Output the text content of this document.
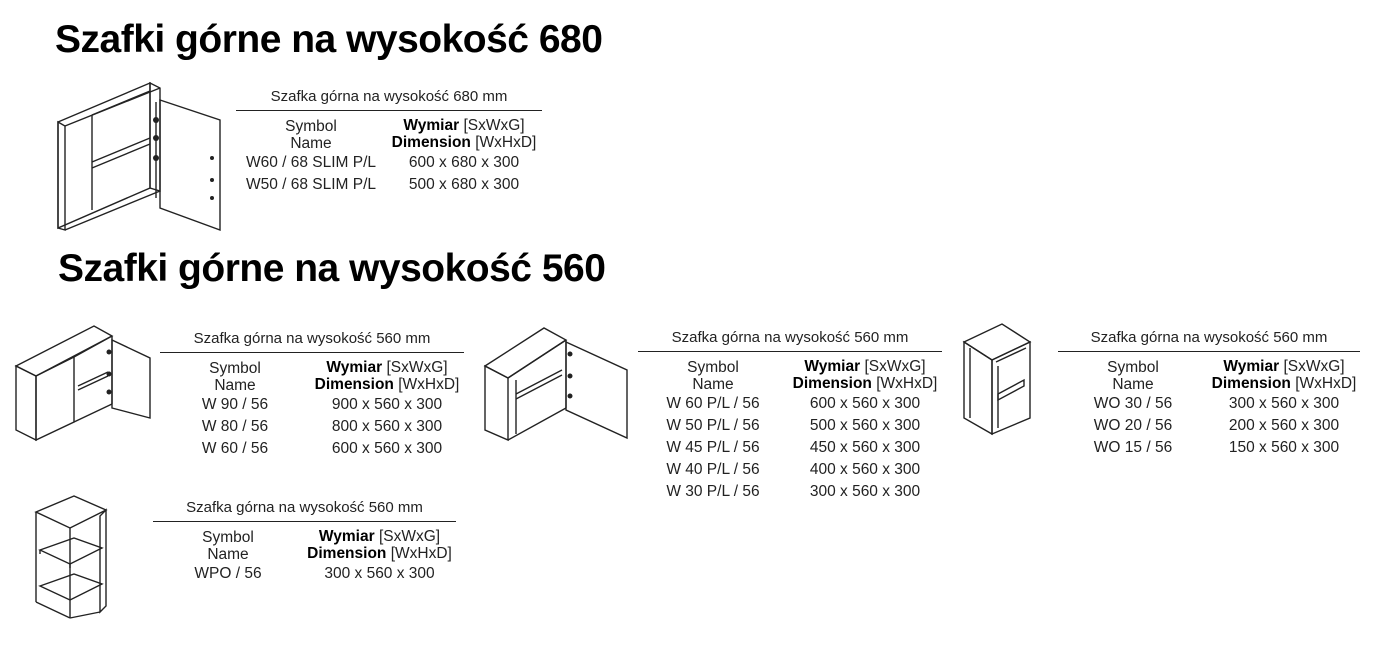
Szafki górne na wysokość 680
Szafki górne na wysokość 560
Szafka górna na wysokość 680 mm
Symbol
Name	Wymiar [SxWxG]
Dimension [WxHxD]
W60 / 68 SLIM P/L	600 x 680 x 300
W50 / 68 SLIM P/L	500 x 680 x 300
Szafka górna na wysokość 560 mm
Symbol
Name	Wymiar [SxWxG]
Dimension [WxHxD]
W 90 / 56	900 x 560 x 300
W 80 / 56	800 x 560 x 300
W 60 / 56	600 x 560 x 300
Szafka górna na wysokość 560 mm
Symbol
Name	Wymiar [SxWxG]
Dimension [WxHxD]
W 60 P/L / 56	600 x 560 x 300
W 50 P/L / 56	500 x 560 x 300
W 45 P/L / 56	450 x 560 x 300
W 40 P/L / 56	400 x 560 x 300
W 30 P/L / 56	300 x 560 x 300
Szafka górna na wysokość 560 mm
Symbol
Name	Wymiar [SxWxG]
Dimension [WxHxD]
WO 30 / 56	300 x 560 x 300
WO 20 / 56	200 x 560 x 300
WO 15 / 56	150 x 560 x 300
Szafka górna na wysokość 560 mm
Symbol
Name	Wymiar [SxWxG]
Dimension [WxHxD]
WPO / 56	300 x 560 x 300
